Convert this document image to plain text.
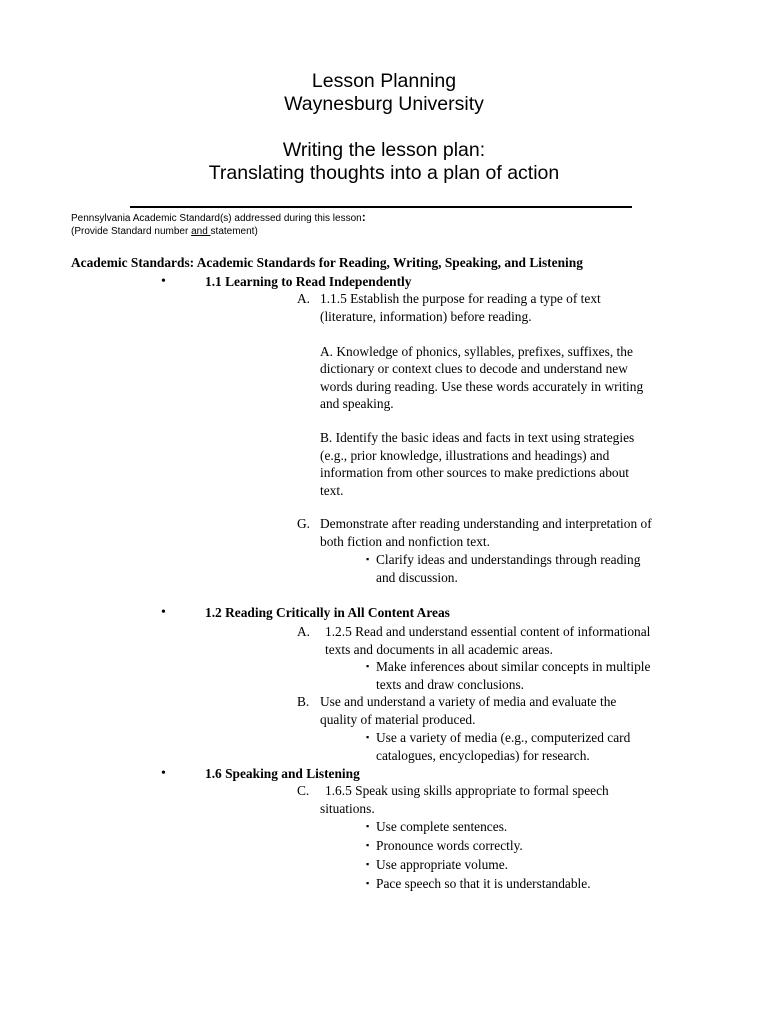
Lesson Planning
Waynesburg University
Writing the lesson plan:
Translating thoughts into a plan of action
Pennsylvania Academic Standard(s) addressed during this lesson:
(Provide Standard number and statement)
Academic Standards: Academic Standards for Reading, Writing, Speaking, and Listening
•	1.1 Learning to Read Independently
A. 1.1.5 Establish the purpose for reading a type of text
(literature, information) before reading.
A. Knowledge of phonics, syllables, prefixes, suffixes, the
dictionary or context clues to decode and understand new
words during reading. Use these words accurately in writing
and speaking.
B. Identify the basic ideas and facts in text using strategies
(e.g., prior knowledge, illustrations and headings) and
information from other sources to make predictions about
text.
G. Demonstrate after reading understanding and interpretation of
both fiction and nonfiction text.
▪ Clarify ideas and understandings through reading
and discussion.
•	1.2 Reading Critically in All Content Areas
A. 1.2.5 Read and understand essential content of informational
texts and documents in all academic areas.
▪ Make inferences about similar concepts in multiple
texts and draw conclusions.
B. Use and understand a variety of media and evaluate the
quality of material produced.
▪ Use a variety of media (e.g., computerized card
catalogues, encyclopedias) for research.
•	1.6 Speaking and Listening
C. 1.6.5 Speak using skills appropriate to formal speech
situations.
▪ Use complete sentences.
▪ Pronounce words correctly.
▪ Use appropriate volume.
▪ Pace speech so that it is understandable.
